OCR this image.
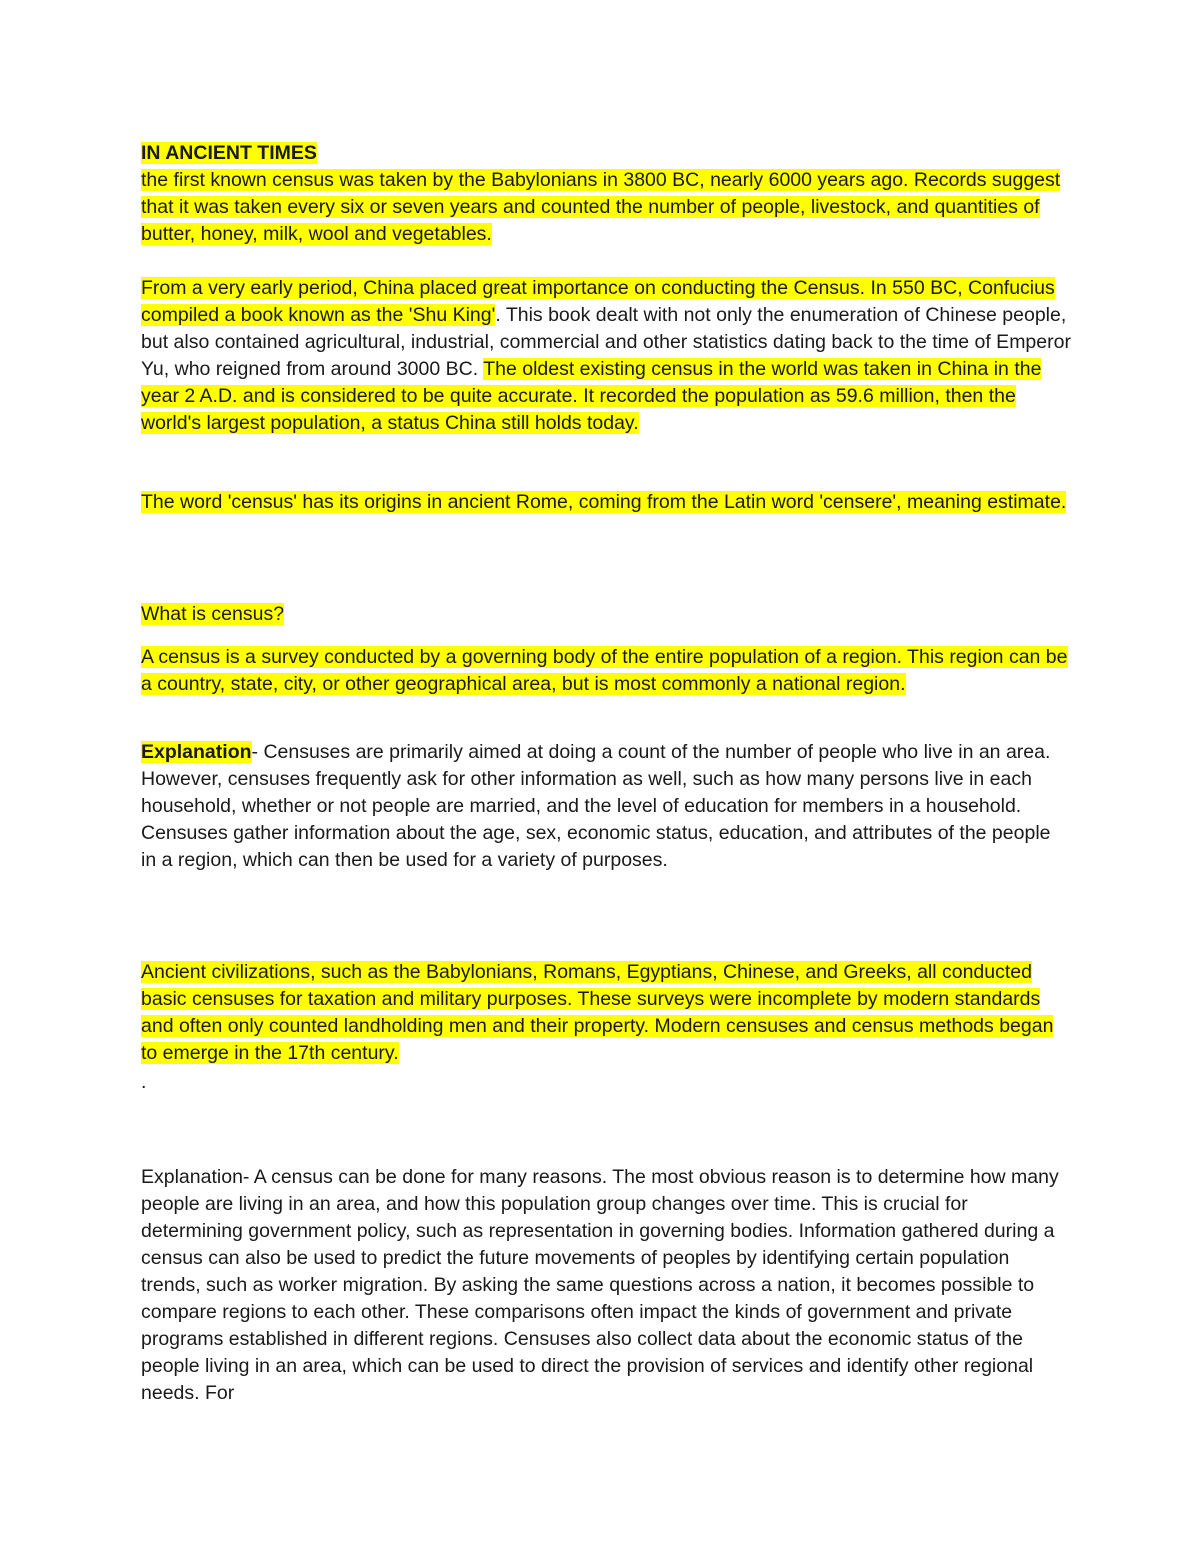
IN ANCIENT TIMES
the first known census was taken by the Babylonians in 3800 BC, nearly 6000 years ago. Records suggest that it was taken every six or seven years and counted the number of people, livestock, and quantities of butter, honey, milk, wool and vegetables.

From a very early period, China placed great importance on conducting the Census. In 550 BC, Confucius compiled a book known as the 'Shu King'. This book dealt with not only the enumeration of Chinese people, but also contained agricultural, industrial, commercial and other statistics dating back to the time of Emperor Yu, who reigned from around 3000 BC. The oldest existing census in the world was taken in China in the year 2 A.D. and is considered to be quite accurate. It recorded the population as 59.6 million, then the world's largest population, a status China still holds today.

The word 'census' has its origins in ancient Rome, coming from the Latin word 'censere', meaning estimate.

What is census?

A census is a survey conducted by a governing body of the entire population of a region. This region can be a country, state, city, or other geographical area, but is most commonly a national region.

Explanation- Censuses are primarily aimed at doing a count of the number of people who live in an area. However, censuses frequently ask for other information as well, such as how many persons live in each household, whether or not people are married, and the level of education for members in a household. Censuses gather information about the age, sex, economic status, education, and attributes of the people in a region, which can then be used for a variety of purposes.

Ancient civilizations, such as the Babylonians, Romans, Egyptians, Chinese, and Greeks, all conducted basic censuses for taxation and military purposes. These surveys were incomplete by modern standards and often only counted landholding men and their property. Modern censuses and census methods began to emerge in the 17th century.

.

Explanation- A census can be done for many reasons. The most obvious reason is to determine how many people are living in an area, and how this population group changes over time. This is crucial for determining government policy, such as representation in governing bodies. Information gathered during a census can also be used to predict the future movements of peoples by identifying certain population trends, such as worker migration. By asking the same questions across a nation, it becomes possible to compare regions to each other. These comparisons often impact the kinds of government and private programs established in different regions. Censuses also collect data about the economic status of the people living in an area, which can be used to direct the provision of services and identify other regional needs. For
